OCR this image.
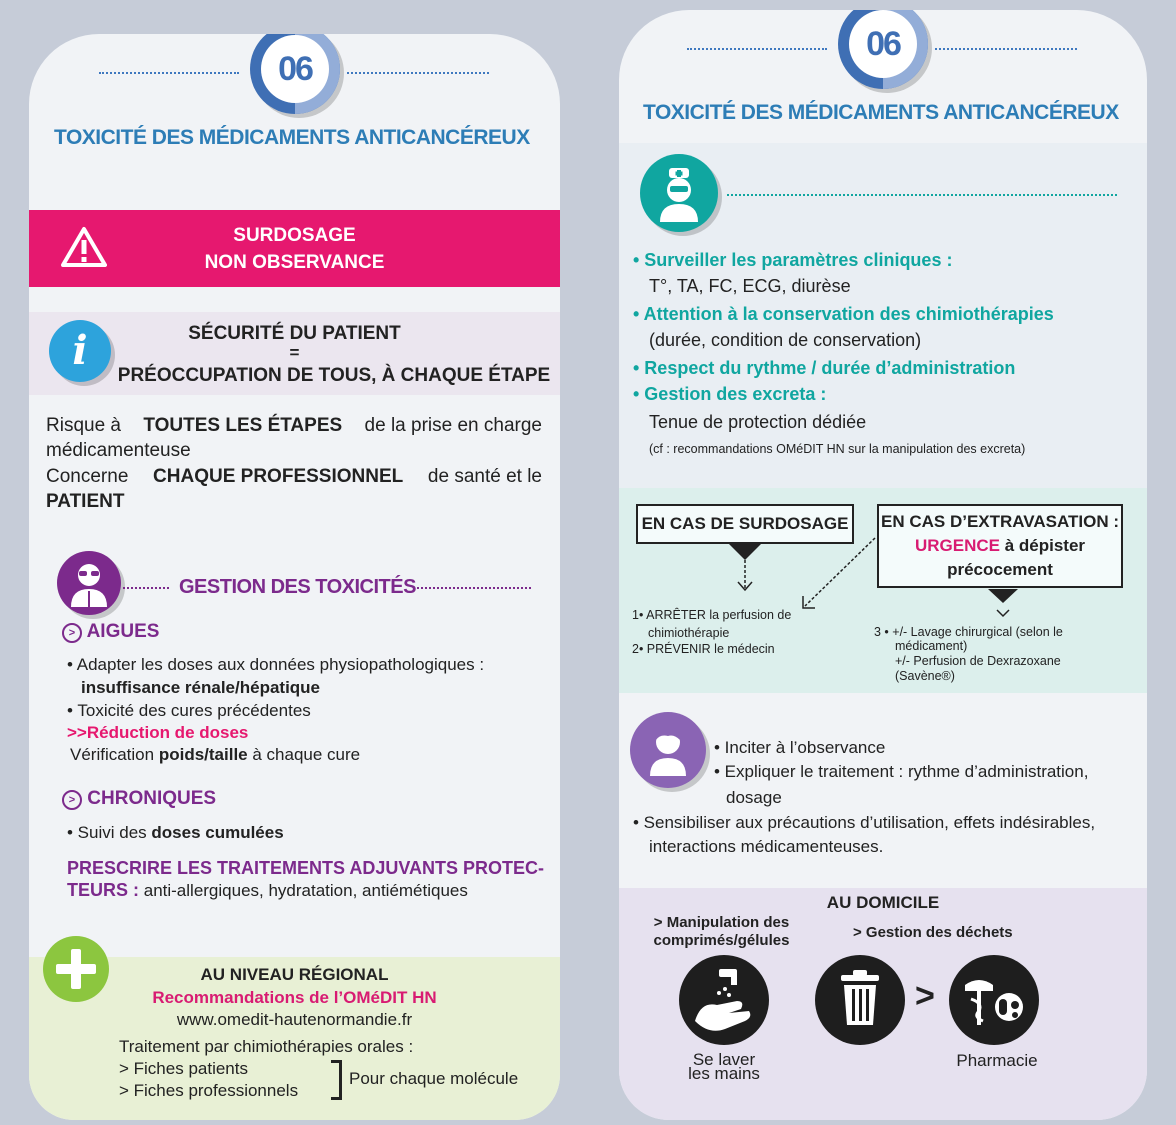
06
TOXICITÉ DES MÉDICAMENTS ANTICANCÉREUX
SURDOSAGE
NON OBSERVANCE
i	SÉCURITÉ DU PATIENT
=
PRÉOCCUPATION DE TOUS, À CHAQUE ÉTAPE
Risque à TOUTES LES ÉTAPES de la prise en charge
médicamenteuse
Concerne CHAQUE PROFESSIONNEL de santé et le
PATIENT
GESTION DES TOXICITÉS
> AIGUES
• Adapter les doses aux données physiopathologiques :
insuffisance rénale/hépatique
• Toxicité des cures précédentes
>>Réduction de doses
Vérification poids/taille à chaque cure
> CHRONIQUES
• Suivi des doses cumulées
PRESCRIRE LES TRAITEMENTS ADJUVANTS PROTEC-
TEURS : anti-allergiques, hydratation, antiémétiques
AU NIVEAU RÉGIONAL
Recommandations de l’OMéDIT HN
www.omedit-hautenormandie.fr
Traitement par chimiothérapies orales :
> Fiches patients
> Fiches professionnels
Pour chaque molécule
06
TOXICITÉ DES MÉDICAMENTS ANTICANCÉREUX
• Surveiller les paramètres cliniques :
T°, TA, FC, ECG, diurèse
• Attention à la conservation des chimiothérapies
(durée, condition de conservation)
• Respect du rythme / durée d’administration
• Gestion des excreta :
Tenue de protection dédiée
(cf : recommandations OMéDIT HN sur la manipulation des excreta)
EN CAS DE SURDOSAGE	EN CAS D’EXTRAVASATION :
URGENCE à dépister
précocement
1• ARRÊTER la perfusion de
chimiothérapie
2• PRÉVENIR le médecin
3 • +/- Lavage chirurgical (selon le
médicament)
+/- Perfusion de Dexrazoxane
(Savène®)
• Inciter à l’observance
• Expliquer le traitement : rythme d’administration,
dosage
• Sensibiliser aux précautions d’utilisation, effets indésirables,
interactions médicamenteuses.
AU DOMICILE
> Manipulation des
comprimés/gélules	> Gestion des déchets
>
Se laver
les mains
Pharmacie
